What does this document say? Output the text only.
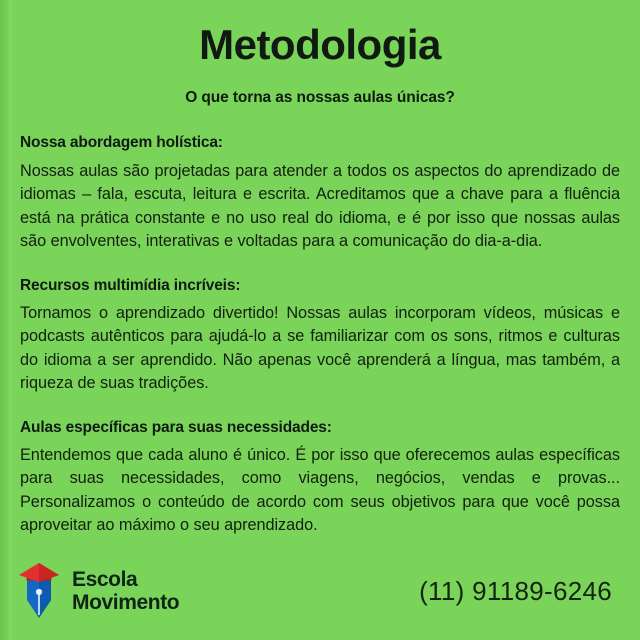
Metodologia

O que torna as nossas aulas únicas?

Nossa abordagem holística:

Nossas aulas são projetadas para atender a todos os aspectos do aprendizado de idiomas – fala, escuta, leitura e escrita. Acreditamos que a chave para a fluência está na prática constante e no uso real do idioma, e é por isso que nossas aulas são envolventes, interativas e voltadas para a comunicação do dia-a-dia.

Recursos multimídia incríveis:

Tornamos o aprendizado divertido! Nossas aulas incorporam vídeos, músicas e podcasts autênticos para ajudá-lo a se familiarizar com os sons, ritmos e culturas do idioma a ser aprendido. Não apenas você aprenderá a língua, mas também, a riqueza de suas tradições.

Aulas específicas para suas necessidades:

Entendemos que cada aluno é único. É por isso que oferecemos aulas específicas para suas necessidades, como viagens, negócios, vendas e provas... Personalizamos o conteúdo de acordo com seus objetivos para que você possa aproveitar ao máximo o seu aprendizado.

Escola
Movimento	(11) 91189-6246
